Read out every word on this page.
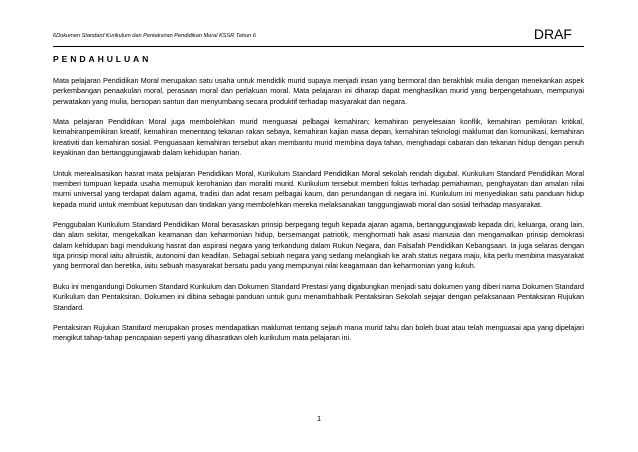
6Dokumen Standard Kurikulum dan Pentaksiran Pendidikan Moral KSSR Tahun 6	DRAF
PENDAHULUAN

Mata pelajaran Pendidikan Moral merupakan satu usaha untuk mendidik murid supaya menjadi insan yang bermoral dan berakhlak mulia dengan menekankan aspek perkembangan penaakulan moral, perasaan moral dan perlakuan moral. Mata pelajaran ini diharap dapat menghasilkan murid yang berpengetahuan, mempunyai perwatakan yang mulia, bersopan santun dan menyumbang secara produktif terhadap masyarakat dan negara.

Mata pelajaran Pendidikan Moral juga membolehkan murid menguasai pelbagai kemahiran; kemahiran penyelesaian konflik, kemahiran pemikiran kritikal, kemahiranpemikiran kreatif, kemahiran menentang tekanan rakan sebaya, kemahiran kajian masa depan, kemahiran teknologi maklumat dan komunikasi, kemahiran kreativiti dan kemahiran sosial. Penguasaan kemahiran tersebut akan membantu murid membina daya tahan, menghadapi cabaran dan tekanan hidup dengan penuh keyakinan dan bertanggungjawab dalam kehidupan harian.

Untuk merealisasikan hasrat mata pelajaran Pendidikan Moral, Kurikulum Standard Pendidikan Moral sekolah rendah digubal. Kurikulum Standard Pendidikan Moral memberi tumpuan kepada usaha memupuk kerohanian dan moraliti murid. Kurikulum tersebut memberi fokus terhadap pemahaman, penghayatan dan amalan nilai murni universal yang terdapat dalam agama, tradisi dan adat resam pelbagai kaum, dan perundangan di negara ini. Kurikulum ini menyediakan satu panduan hidup kepada murid untuk membuat keputusan dan tindakan yang membolehkan mereka melaksanakan tanggungjawab moral dan sosial terhadap masyarakat.

Penggubalan Kurikulum Standard Pendidikan Moral berasaskan prinsip berpegang teguh kepada ajaran agama, bertanggungjawab kepada diri, keluarga, orang lain, dan alam sekitar, mengekalkan keamanan dan keharmonian hidup, bersemangat patriotik, menghormati hak asasi manusia dan mengamalkan prinsip demokrasi dalam kehidupan bagi mendukung hasrat dan aspirasi negara yang terkandung dalam Rukun Negara, dan Falsafah Pendidikan Kebangsaan. Ia juga selaras dengan tiga prinsip moral iaitu altruistik, autonomi dan keadilan. Sebagai sebuah negara yang sedang melangkah ke arah status negara maju, kita perlu membina masyarakat yang bermoral dan beretika, iaitu sebuah masyarakat bersatu padu yang mempunyai nilai keagamaan dan keharmonian yang kukuh.

Buku ini mengandungi Dokumen Standard Kurikulum dan Dokumen Standard Prestasi yang digabungkan menjadi satu dokumen yang diberi nama Dokumen Standard Kurikulum dan Pentaksiran. Dokumen ini dibina sebagai panduan untuk guru menambahbaik Pentaksiran Sekolah sejajar dengan pelaksanaan Pentaksiran Rujukan Standard.

Pentaksiran Rujukan Standard merupakan proses mendapatkan maklumat tentang sejauh mana murid tahu dan boleh buat atau telah menguasai apa yang dipelajari mengikut tahap-tahap pencapaian seperti yang dihasratkan oleh kurikulum mata pelajaran ini.

1
